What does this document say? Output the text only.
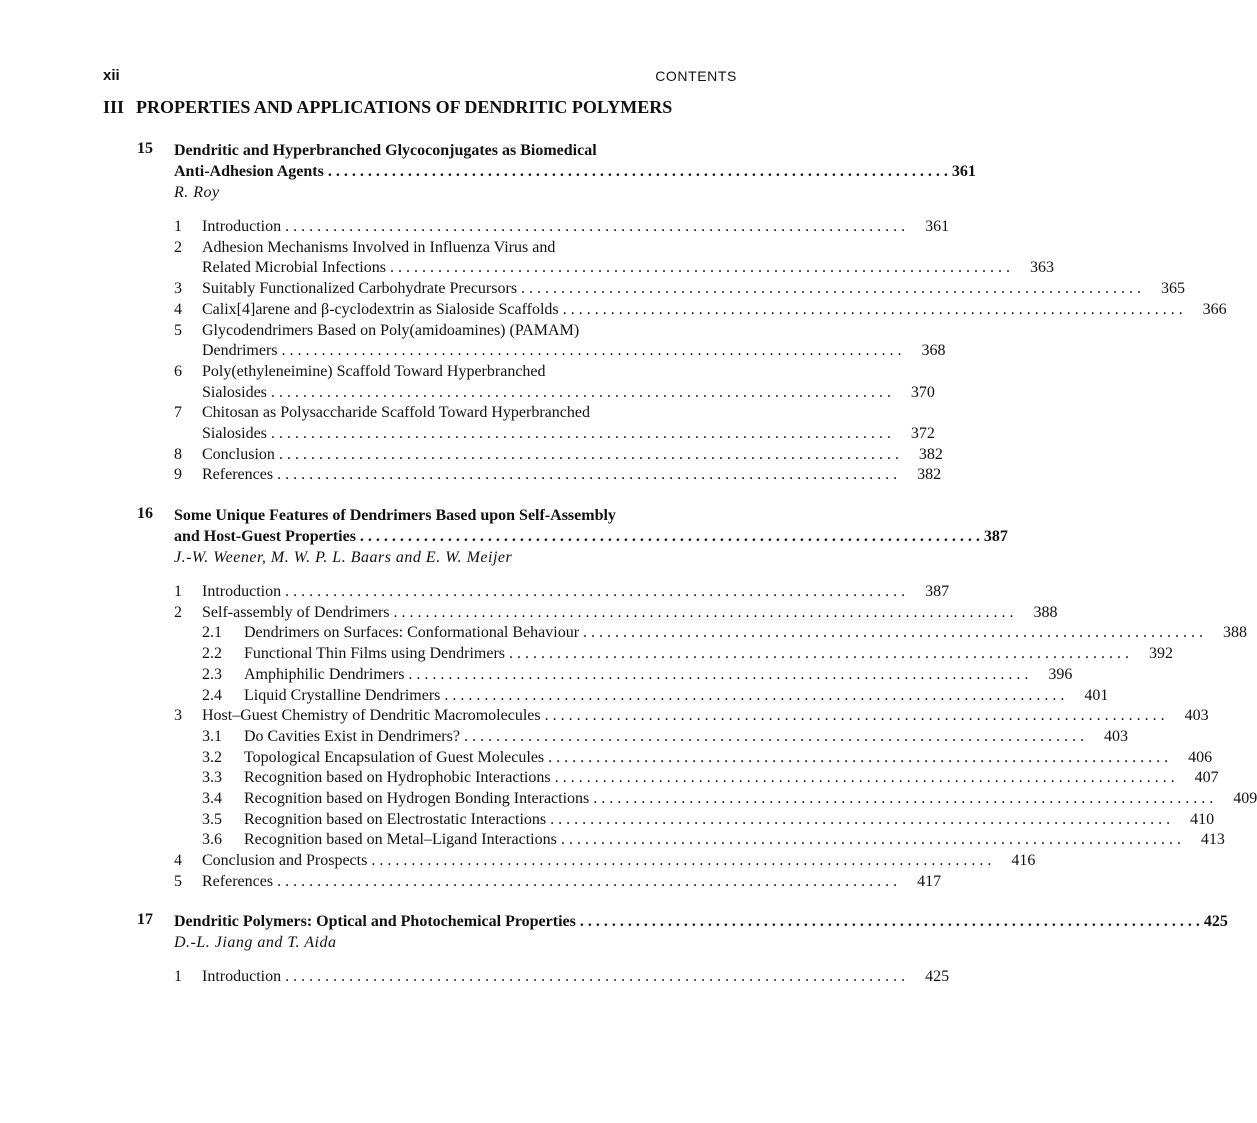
xii	CONTENTS
III PROPERTIES AND APPLICATIONS OF DENDRITIC POLYMERS
15 Dendritic and Hyperbranched Glycoconjugates as Biomedical
Anti-Adhesion Agents . . .	361
R. Roy
1	Introduction . . .	361
2	Adhesion Mechanisms Involved in Influenza Virus and
Related Microbial Infections . . .	363
3	Suitably Functionalized Carbohydrate Precursors . . .	365
4	Calix[4]arene and β-cyclodextrin as Sialoside Scaffolds . . .	366
5	Glycodendrimers Based on Poly(amidoamines) (PAMAM)
Dendrimers . . .	368
6	Poly(ethyleneimine) Scaffold Toward Hyperbranched
Sialosides . . .	370
7	Chitosan as Polysaccharide Scaffold Toward Hyperbranched
Sialosides . . .	372
8	Conclusion . . .	382
9	References . . .	382
16 Some Unique Features of Dendrimers Based upon Self-Assembly
and Host-Guest Properties . . .	387
J.-W. Weener, M. W. P. L. Baars and E. W. Meijer
1	Introduction . . .	387
2	Self-assembly of Dendrimers . . .	388
2.1	Dendrimers on Surfaces: Conformational Behaviour . . .	388
2.2	Functional Thin Films using Dendrimers . . .	392
2.3	Amphiphilic Dendrimers . . .	396
2.4	Liquid Crystalline Dendrimers . . .	401
3	Host–Guest Chemistry of Dendritic Macromolecules . . .	403
3.1	Do Cavities Exist in Dendrimers? . . .	403
3.2	Topological Encapsulation of Guest Molecules . . .	406
3.3	Recognition based on Hydrophobic Interactions . . .	407
3.4	Recognition based on Hydrogen Bonding Interactions . . .	409
3.5	Recognition based on Electrostatic Interactions . . .	410
3.6	Recognition based on Metal–Ligand Interactions . . .	413
4	Conclusion and Prospects . . .	416
5	References . . .	417
17 Dendritic Polymers: Optical and Photochemical Properties . . .	425
D.-L. Jiang and T. Aida
1	Introduction . . .	425
